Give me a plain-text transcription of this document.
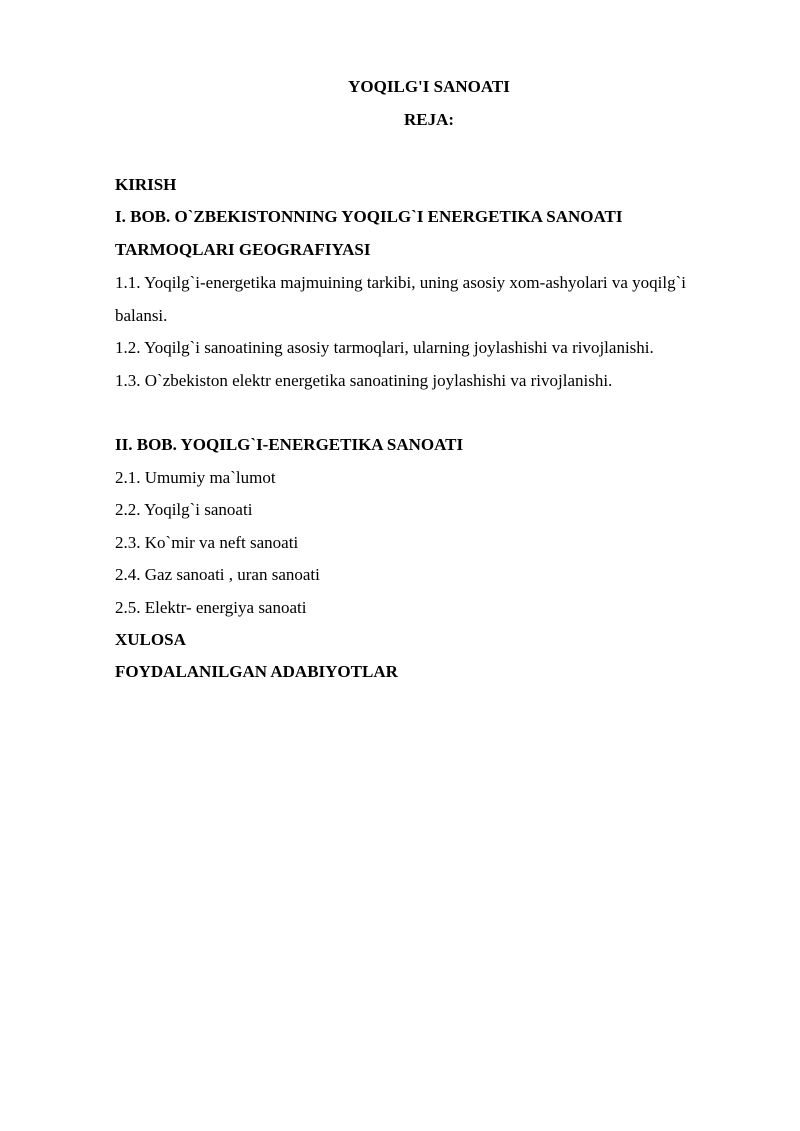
YOQILG'I SANOATI
REJA:
KIRISH
I. BOB. O`ZBEKISTONNING YOQILG`I ENERGETIKA SANOATI
TARMOQLARI GEOGRAFIYASI
1.1. Yoqilg`i-energetika majmuining tarkibi, uning asosiy xom-ashyolari va yoqilg`i
balansi.
1.2. Yoqilg`i sanoatining asosiy tarmoqlari, ularning joylashishi va rivojlanishi.
1.3. O`zbekiston elektr energetika sanoatining joylashishi va rivojlanishi.
II. BOB. YOQILG`I-ENERGETIKA SANOATI
2.1. Umumiy ma`lumot
2.2. Yoqilg`i sanoati
2.3. Ko`mir va neft sanoati
2.4. Gaz sanoati , uran sanoati
2.5. Elektr- energiya sanoati
XULOSA
FOYDALANILGAN ADABIYOTLAR
